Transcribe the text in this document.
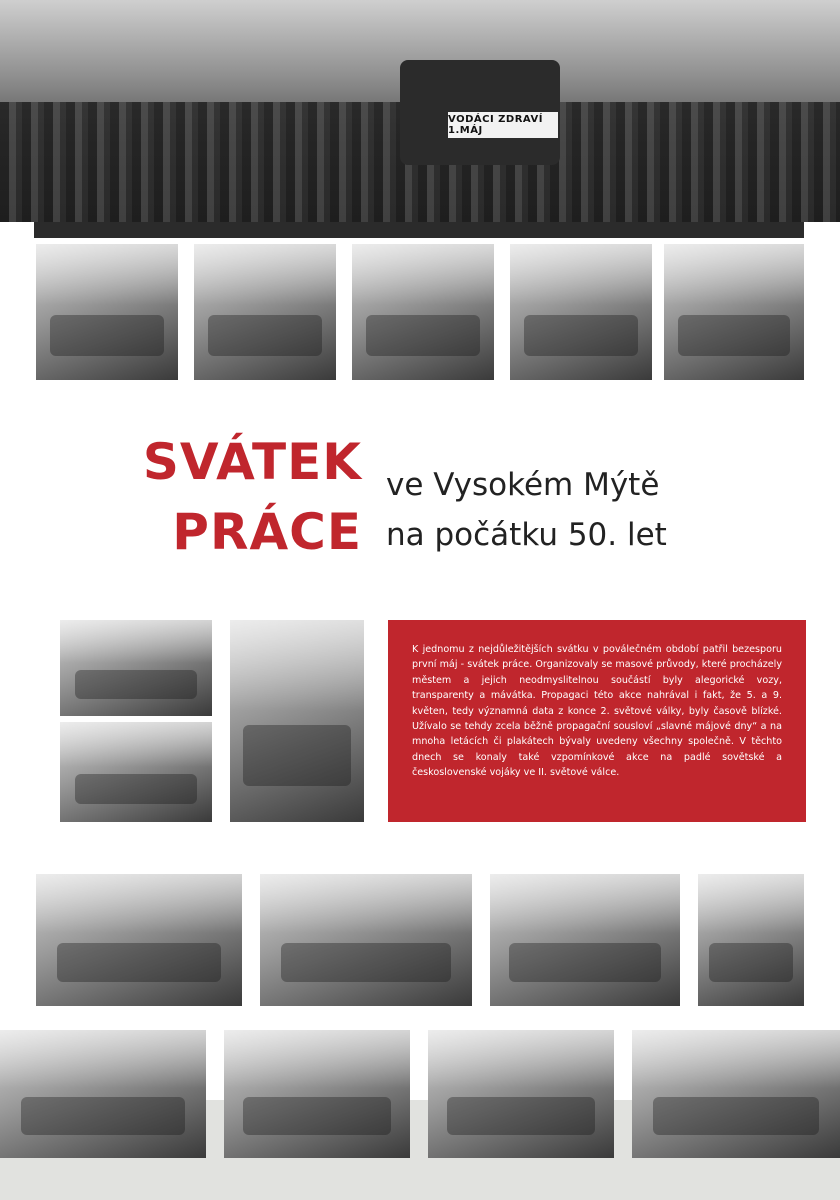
VODÁCI ZDRAVÍ 1.MÁJ
SVÁTEK
PRÁCE
ve Vysokém Mýtě
na počátku 50. let
K jednomu z nejdůležitějších svátku v poválečném období patřil bezesporu první máj - svátek práce. Organizovaly se masové průvody, které procházely městem a jejich neodmyslitelnou součástí byly alegorické vozy, transparenty a mávátka. Propagaci této akce nahrával i fakt, že 5. a 9. květen, tedy významná data z konce 2. světové války, byly časově blízké. Užívalo se tehdy zcela běžně propagační sousloví „slavné májové dny“ a na mnoha letácích či plakátech bývaly uvedeny všechny společně. V těchto dnech se konaly také vzpomínkové akce na padlé sovětské a československé vojáky ve II. světové válce.
